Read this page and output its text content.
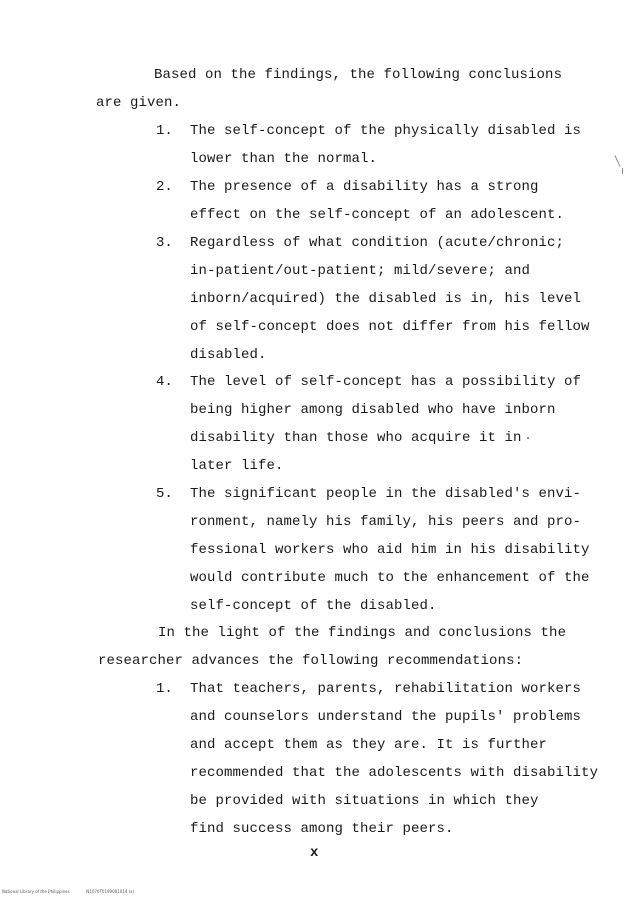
Based on the findings, the following conclusions
are given.
1. The self-concept of the physically disabled is
lower than the normal.
2. The presence of a disability has a strong
effect on the self-concept of an adolescent.
3. Regardless of what condition (acute/chronic;
in-patient/out-patient; mild/severe; and
inborn/acquired) the disabled is in, his level
of self-concept does not differ from his fellow
disabled.
4. The level of self-concept has a possibility of
being higher among disabled who have inborn
disability than those who acquire it in
later life.
5. The significant people in the disabled's envi-
ronment, namely his family, his peers and pro-
fessional workers who aid him in his disability
would contribute much to the enhancement of the
self-concept of the disabled.
In the light of the findings and conclusions the
researcher advances the following recommendations:
1. That teachers, parents, rehabilitation workers
and counselors understand the pupils' problems
and accept them as they are. It is further
recommended that the adolescents with disability
be provided with situations in which they
find success among their peers.
x
National Library of the Philippines	N1070T0199001014 (x)
